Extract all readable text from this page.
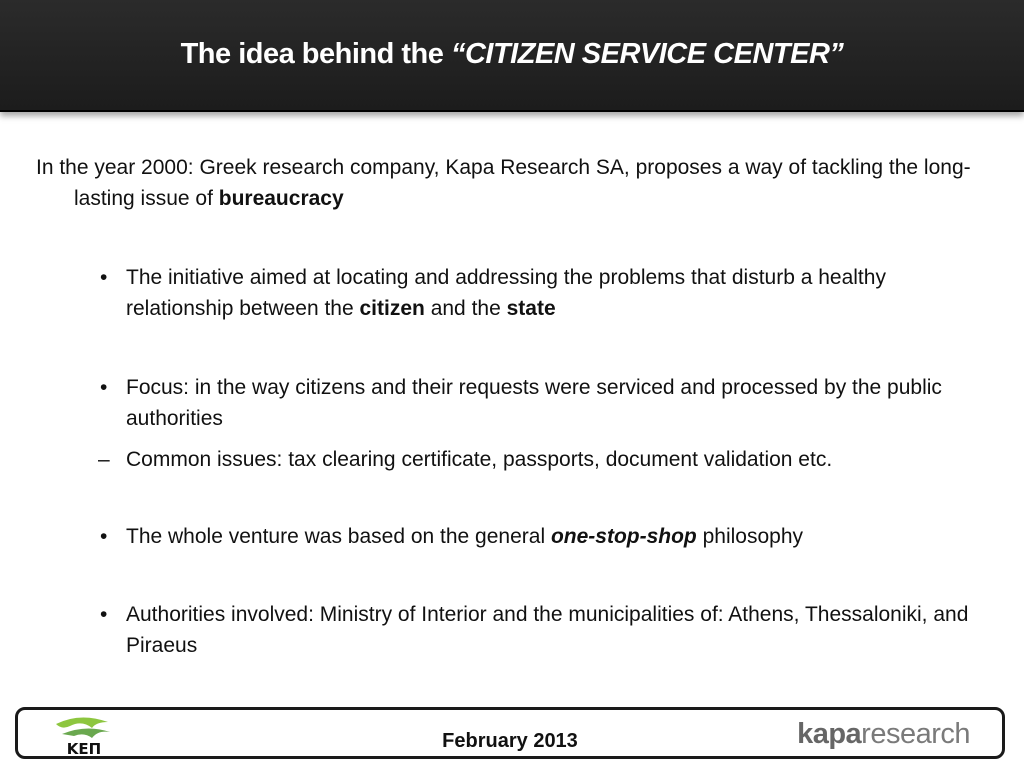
The idea behind the “CITIZEN SERVICE CENTER”
In the year 2000: Greek research company, Kapa Research SA, proposes a way of tackling the long-lasting issue of bureaucracy
• The initiative aimed at locating and addressing the problems that disturb a healthy relationship between the citizen and the state
• Focus: in the way citizens and their requests were serviced and processed by the public authorities
– Common issues: tax clearing certificate, passports, document validation etc.
• The whole venture was based on the general one-stop-shop philosophy
• Authorities involved: Ministry of Interior and the municipalities of: Athens, Thessaloniki, and Piraeus
ΚΕΠ	February 2013	kaparesearch
